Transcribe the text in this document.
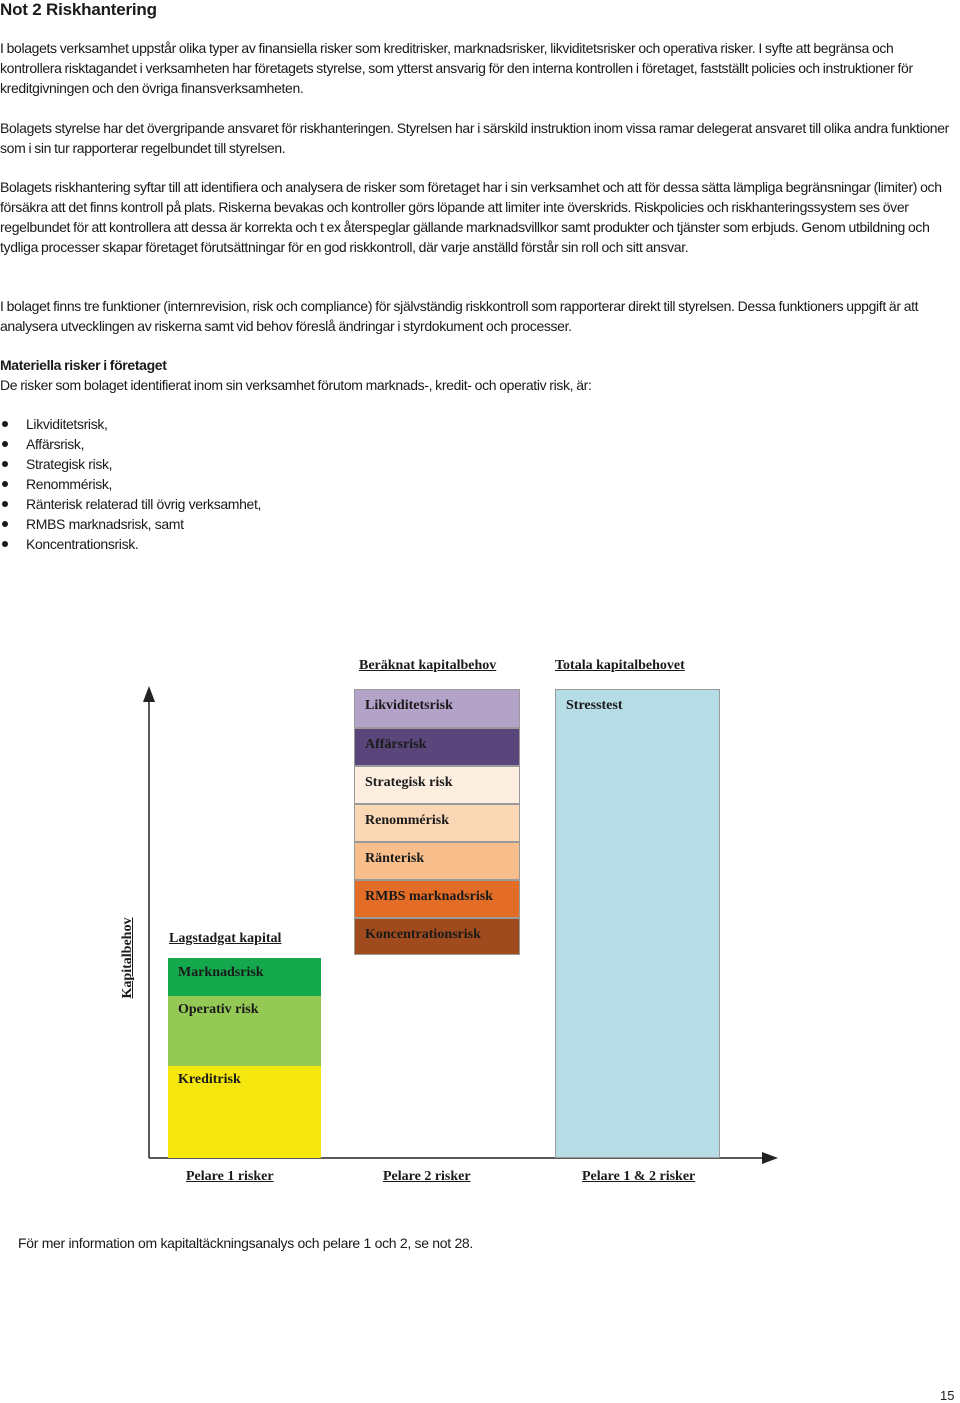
Not 2 Riskhantering

I bolagets verksamhet uppstår olika typer av finansiella risker som kreditrisker, marknadsrisker, likviditetsrisker och operativa risker. I syfte att begränsa och kontrollera risktagandet i verksamheten har företagets styrelse, som ytterst ansvarig för den interna kontrollen i företaget, fastställt policies och instruktioner för kreditgivningen och den övriga finansverksamheten.

Bolagets styrelse har det övergripande ansvaret för riskhanteringen. Styrelsen har i särskild instruktion inom vissa ramar delegerat ansvaret till olika andra funktioner som i sin tur rapporterar regelbundet till styrelsen.

Bolagets riskhantering syftar till att identifiera och analysera de risker som företaget har i sin verksamhet och att för dessa sätta lämpliga begränsningar (limiter) och försäkra att det finns kontroll på plats. Riskerna bevakas och kontroller görs löpande att limiter inte överskrids. Riskpolicies och riskhanteringssystem ses över regelbundet för att kontrollera att dessa är korrekta och t ex återspeglar gällande marknadsvillkor samt produkter och tjänster som erbjuds. Genom utbildning och tydliga processer skapar företaget förutsättningar för en god riskkontroll, där varje anställd förstår sin roll och sitt ansvar.

I bolaget finns tre funktioner (internrevision, risk och compliance) för självständig riskkontroll som rapporterar direkt till styrelsen. Dessa funktioners uppgift är att analysera utvecklingen av riskerna samt vid behov föreslå ändringar i styrdokument och processer.

Materiella risker i företaget
De risker som bolaget identifierat inom sin verksamhet förutom marknads-, kredit- och operativ risk, är:
Likviditetsrisk,
Affärsrisk,
Strategisk risk,
Renommérisk,
Ränterisk relaterad till övrig verksamhet,
RMBS marknadsrisk, samt
Koncentrationsrisk.
Kapitalbehov
Beräknat kapitalbehov	Totala kapitalbehovet
Lagstadgat kapital
Likviditetsrisk
Affärsrisk
Strategisk risk
Renommérisk
Ränterisk
RMBS marknadsrisk
Koncentrationsrisk
Stresstest
Marknadsrisk
Operativ risk
Kreditrisk
Pelare 1 risker	Pelare 2 risker	Pelare 1 & 2 risker
För mer information om kapitaltäckningsanalys och pelare 1 och 2, se not 28.
15
